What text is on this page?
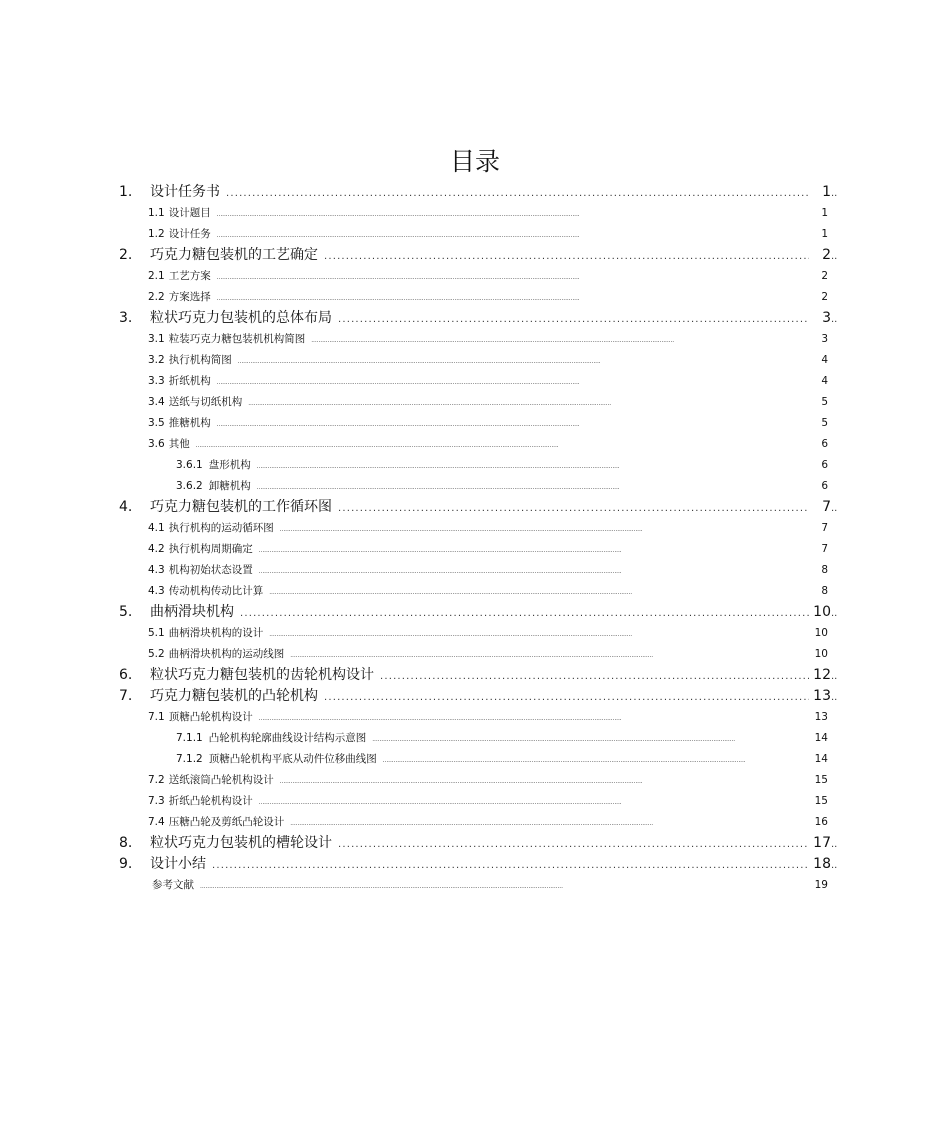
目录
1.	设计任务书 . . .	1 ..
1.1 设计题目 . . .	1
1.2 设计任务 . . .	1
2.	巧克力糖包装机的工艺确定 . . .	2 ..
2.1 工艺方案 . . .	2
2.2 方案选择 . . .	2
3.	粒状巧克力包装机的总体布局 . . .	3 ..
3.1 粒装巧克力糖包装机机构简图 . . .	3
3.2 执行机构简图 . . .	4
3.3 折纸机构 . . .	4
3.4 送纸与切纸机构 . . .	5
3.5 推糖机构 . . .	5
3.6 其他 . . .	6
3.6.1 盘形机构 . . .	6
3.6.2 卸糖机构 . . .	6
4.	巧克力糖包装机的工作循环图 . . .	7 ..
4.1 执行机构的运动循环图 . . .	7
4.2 执行机构周期确定 . . .	7
4.3 机构初始状态设置 . . .	8
4.3 传动机构传动比计算 . . .	8
5.	曲柄滑块机构 . . .	10 ..
5.1 曲柄滑块机构的设计 . . .	10
5.2 曲柄滑块机构的运动线图 . . .	10
6.	粒状巧克力糖包装机的齿轮机构设计 . . .	12 ..
7.	巧克力糖包装机的凸轮机构 . . .	13 ..
7.1 顶糖凸轮机构设计 . . .	13
7.1.1 凸轮机构轮廓曲线设计结构示意图 . . .	14
7.1.2 顶糖凸轮机构平底从动件位移曲线图 . . .	14
7.2 送纸滚筒凸轮机构设计 . . .	15
7.3 折纸凸轮机构设计 . . .	15
7.4 压糖凸轮及剪纸凸轮设计 . . .	16
8.	粒状巧克力包装机的槽轮设计 . . .	17 ..
9.	设计小结 . . .	18 ..
参考文献 . . .	19
